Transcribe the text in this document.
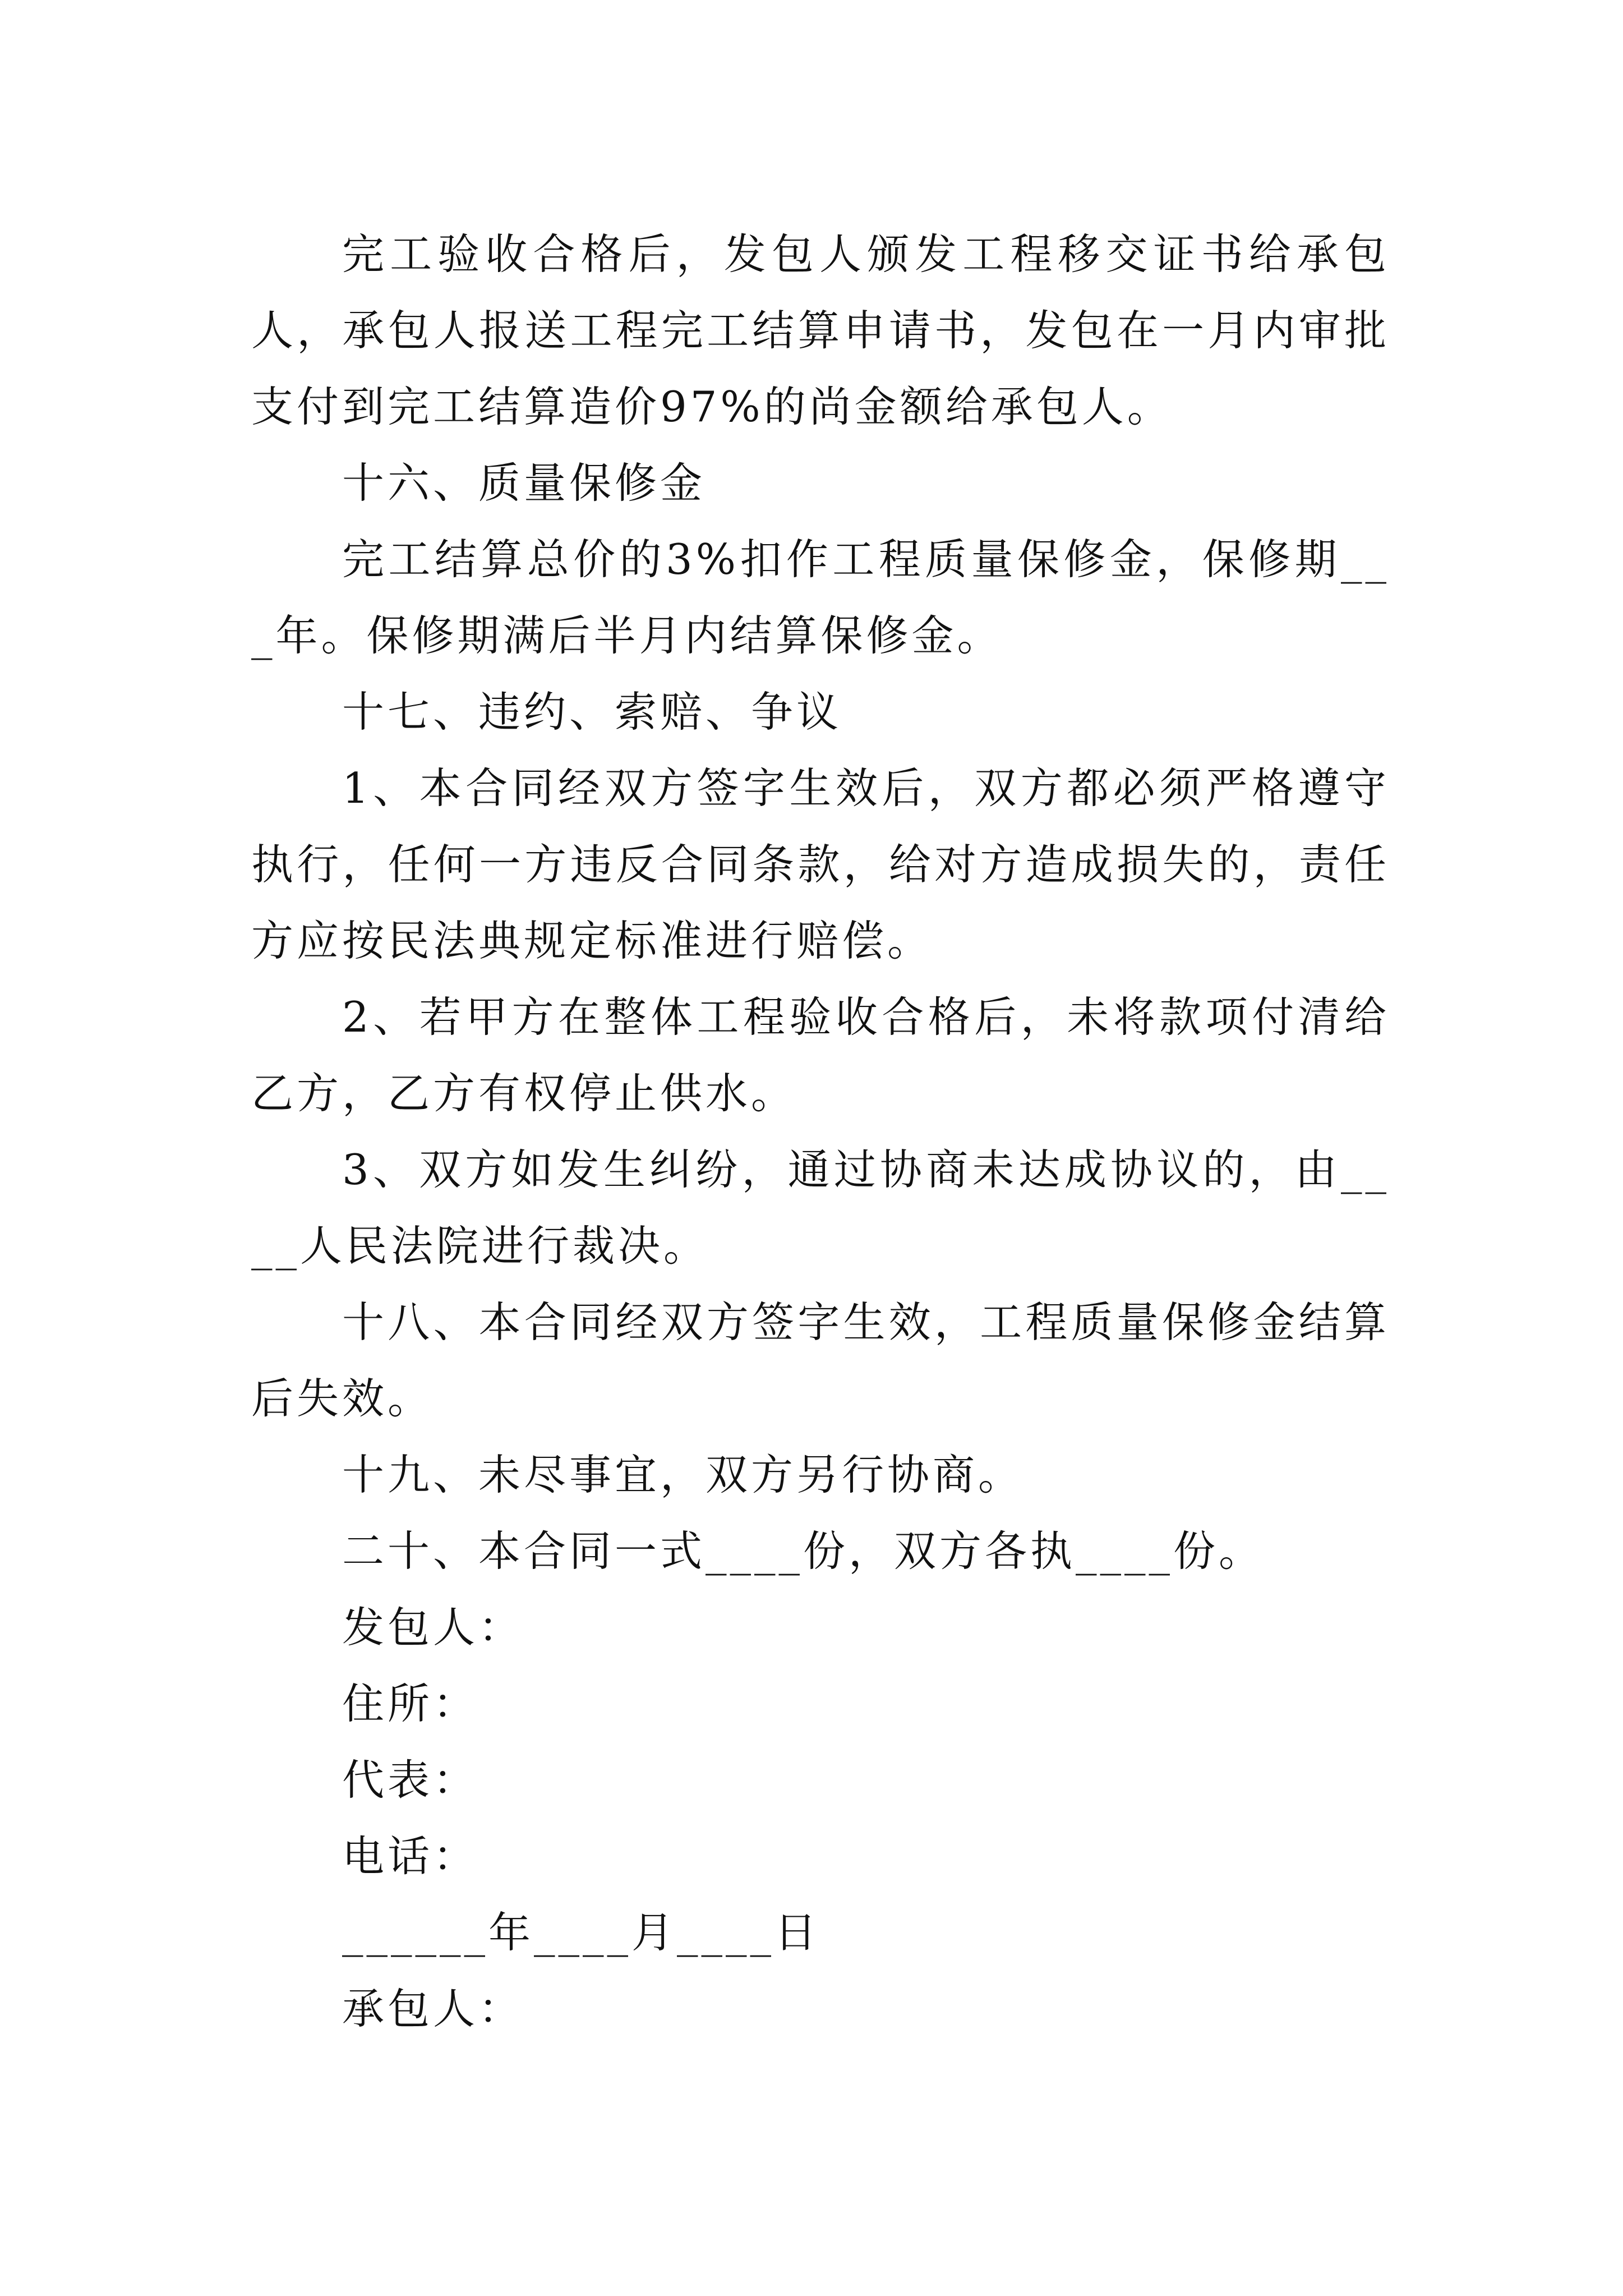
完工验收合格后，发包人颁发工程移交证书给承包人，承包人报送工程完工结算申请书，发包在一月内审批支付到完工结算造价97%的尚金额给承包人。

十六、质量保修金

完工结算总价的3%扣作工程质量保修金，保修期___年。保修期满后半月内结算保修金。

十七、违约、索赔、争议

1、本合同经双方签字生效后，双方都必须严格遵守执行，任何一方违反合同条款，给对方造成损失的，责任方应按民法典规定标准进行赔偿。

2、若甲方在整体工程验收合格后，未将款项付清给乙方，乙方有权停止供水。

3、双方如发生纠纷，通过协商未达成协议的，由____人民法院进行裁决。

十八、本合同经双方签字生效，工程质量保修金结算后失效。

十九、未尽事宜，双方另行协商。

二十、本合同一式____份，双方各执____份。

发包人：

住所：

代表：

电话：

______年____月____日

承包人：
